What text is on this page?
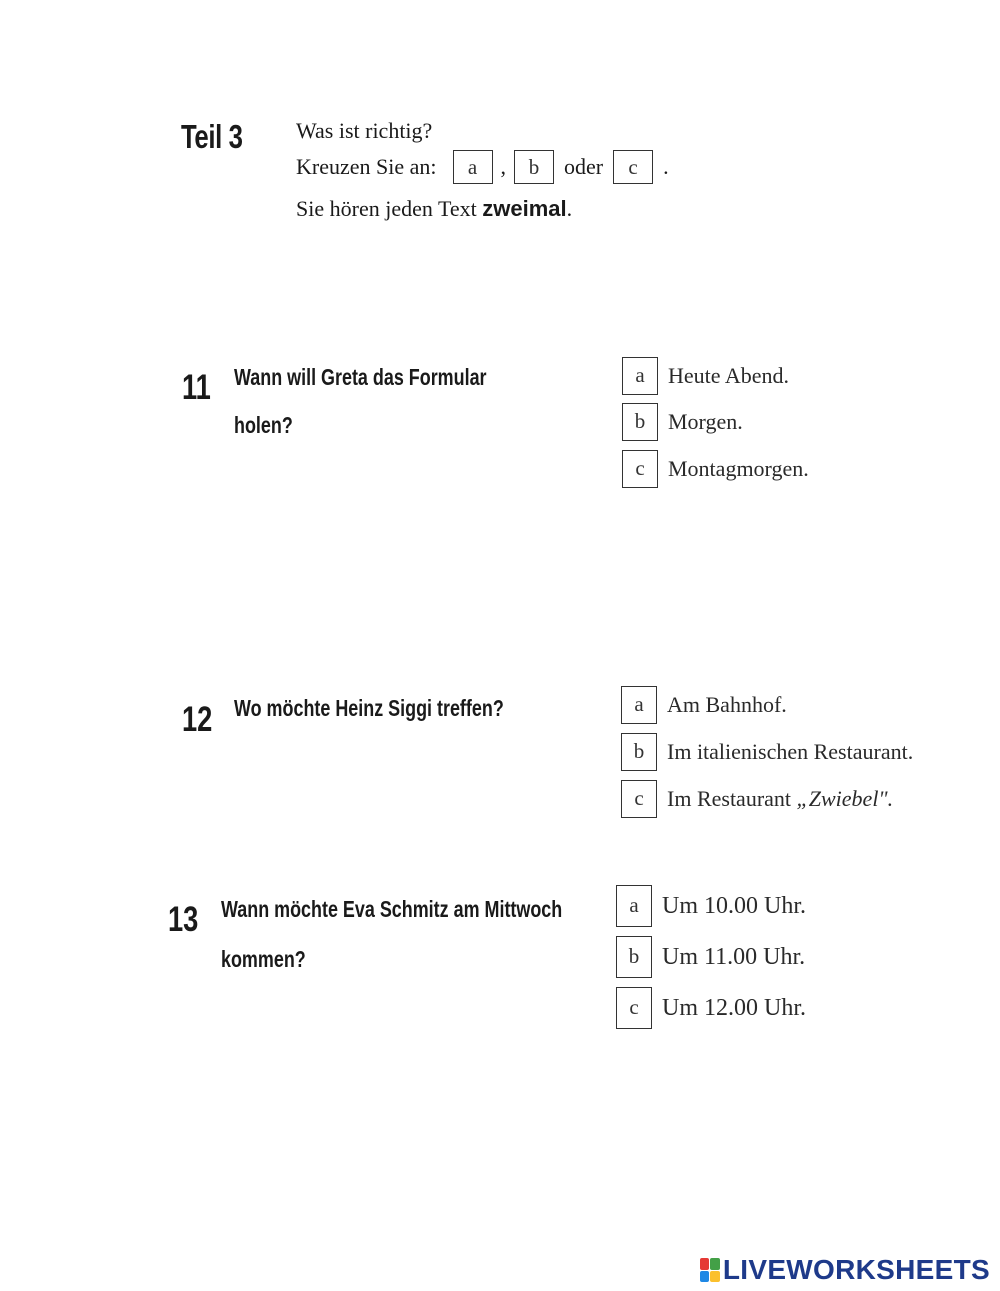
Teil 3 Was ist richtig?
Kreuzen Sie an:	a	,	b	oder	c	.
Sie hören jeden Text zweimal.
11 Wann will Greta das Formular
holen?
a	Heute Abend.
b	Morgen.
c	Montagmorgen.
12 Wo möchte Heinz Siggi treffen?	a	Am Bahnhof.
b	Im italienischen Restaurant.
c	Im Restaurant „Zwiebel".
13 Wann möchte Eva Schmitz am Mittwoch
kommen?
a Um 10.00 Uhr.
b Um 11.00 Uhr.
c Um 12.00 Uhr.
LIVEWORKSHEETS
